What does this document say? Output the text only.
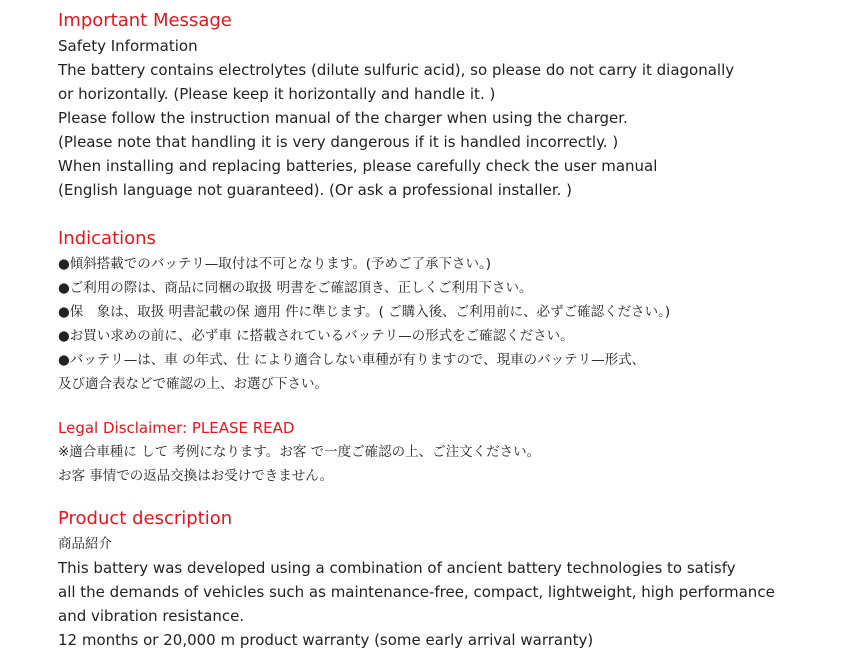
Important Message

Safety Information

The battery contains electrolytes (dilute sulfuric acid), so please do not carry it diagonally

or horizontally. (Please keep it horizontally and handle it. )

Please follow the instruction manual of the charger when using the charger.

(Please note that handling it is very dangerous if it is handled incorrectly. )

When installing and replacing batteries, please carefully check the user manual

(English language not guaranteed). (Or ask a professional installer. )

Indications

●傾斜搭載でのバッテリ—取付は不可となります。(予めご了承下さい。)

●ご利用の際は、商品に同梱の取扱 明書をご確認頂き、正しくご利用下さい。

●保　象は、取扱 明書記載の保 適用 件に準じます。( ご購入後、ご利用前に、必ずご確認ください。)

●お買い求めの前に、必ず車 に搭載されているバッテリ—の形式をご確認ください。

●バッテリ—は、車 の年式、仕 により適合しない車種が有りますので、現車のバッテリ—形式、

及び適合表などで確認の上、お選び下さい。

Legal Disclaimer: PLEASE READ

※適合車種に して 考例になります。お客 で一度ご確認の上、ご注文ください。

お客 事情での返品交換はお受けできません。

Product description

商品紹介

This battery was developed using a combination of ancient battery technologies to satisfy

all the demands of vehicles such as maintenance-free, compact, lightweight, high performance

and vibration resistance.

12 months or 20,000 m product warranty (some early arrival warranty)
